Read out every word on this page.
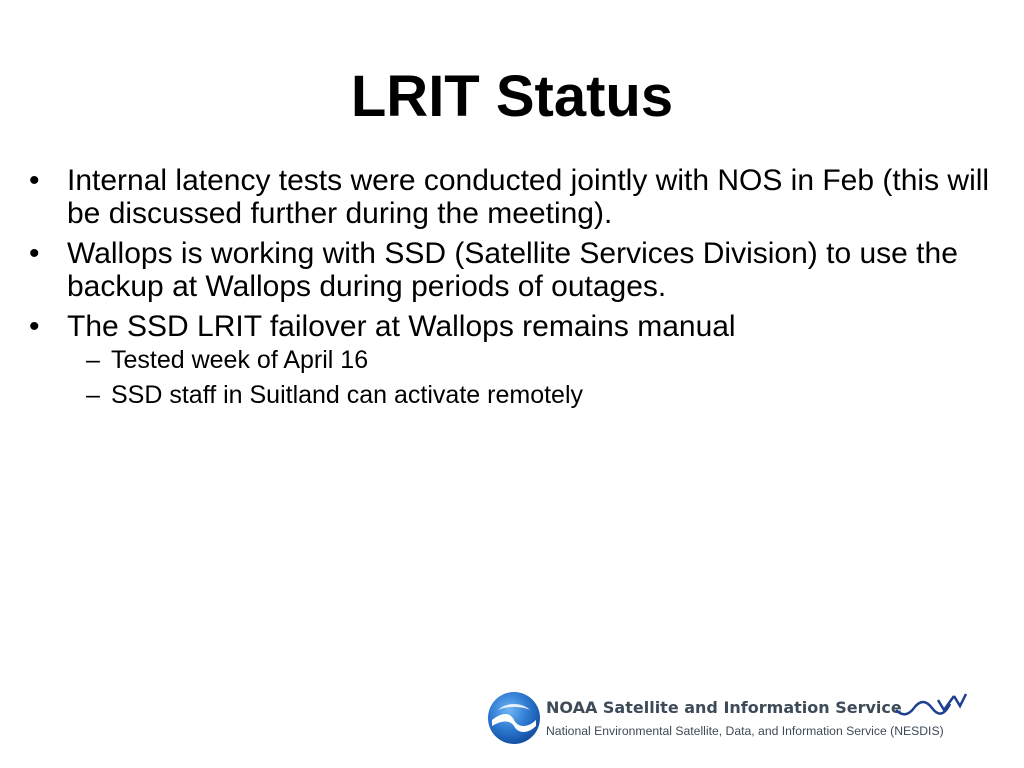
LRIT Status
• Internal latency tests were conducted jointly with NOS in Feb (this will be discussed further during the meeting).
• Wallops is working with SSD (Satellite Services Division) to use the backup at Wallops during periods of outages.
• The SSD LRIT failover at Wallops remains manual
– Tested week of April 16
– SSD staff in Suitland can activate remotely
NOAA Satellite and Information Service
National Environmental Satellite, Data, and Information Service (NESDIS)
